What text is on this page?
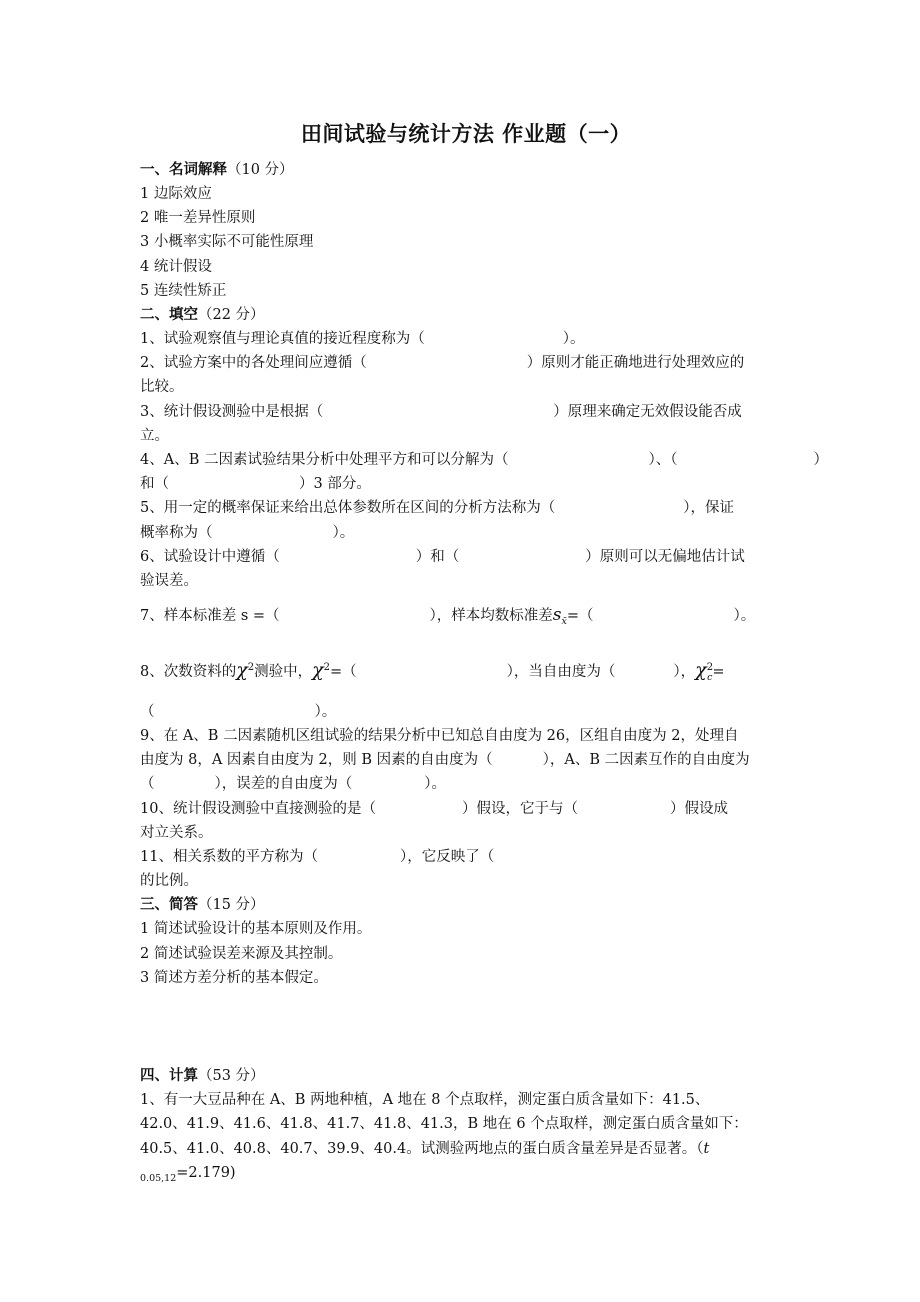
田间试验与统计方法 作业题（一）
一、名词解释（10 分）
1 边际效应
2 唯一差异性原则
3 小概率实际不可能性原理
4 统计假设
5 连续性矫正
二、填空（22 分）
1、试验观察值与理论真值的接近程度称为（	）。
2、试验方案中的各处理间应遵循（	）原则才能正确地进行处理效应的
比较。
3、统计假设测验中是根据（	）原理来确定无效假设能否成
立。
4、A、B 二因素试验结果分析中处理平方和可以分解为（	）、（	）
和（	）3 部分。
5、用一定的概率保证来给出总体参数所在区间的分析方法称为（	），保证
概率称为（	）。
6、试验设计中遵循（	）和（	）原则可以无偏地估计试
验误差。
7、样本标准差 s =（	），样本均数标准差$s_{x̄}=$（	）。
8、次数资料的$\chi^2$测验中，$\chi^2=$（	），当自由度为（	），$\chi^2_c=$
（	）。
9、在 A、B 二因素随机区组试验的结果分析中已知总自由度为 26，区组自由度为 2，处理自
由度为 8，A 因素自由度为 2，则 B 因素的自由度为（	），A、B 二因素互作的自由度为
（	），误差的自由度为（	）。
10、统计假设测验中直接测验的是（	）假设，它于与（	）假设成
对立关系。
11、相关系数的平方称为（	），它反映了（
的比例。
三、简答（15 分）
1 简述试验设计的基本原则及作用。
2 简述试验误差来源及其控制。
3 简述方差分析的基本假定。
四、计算（53 分）
1、有一大豆品种在 A、B 两地种植，A 地在 8 个点取样，测定蛋白质含量如下：41.5、
42.0、41.9、41.6、41.8、41.7、41.8、41.3，B 地在 6 个点取样，测定蛋白质含量如下：
40.5、41.0、40.8、40.7、39.9、40.4。试测验两地点的蛋白质含量差异是否显著。（t
$_{0.05,12}$=2.179)
